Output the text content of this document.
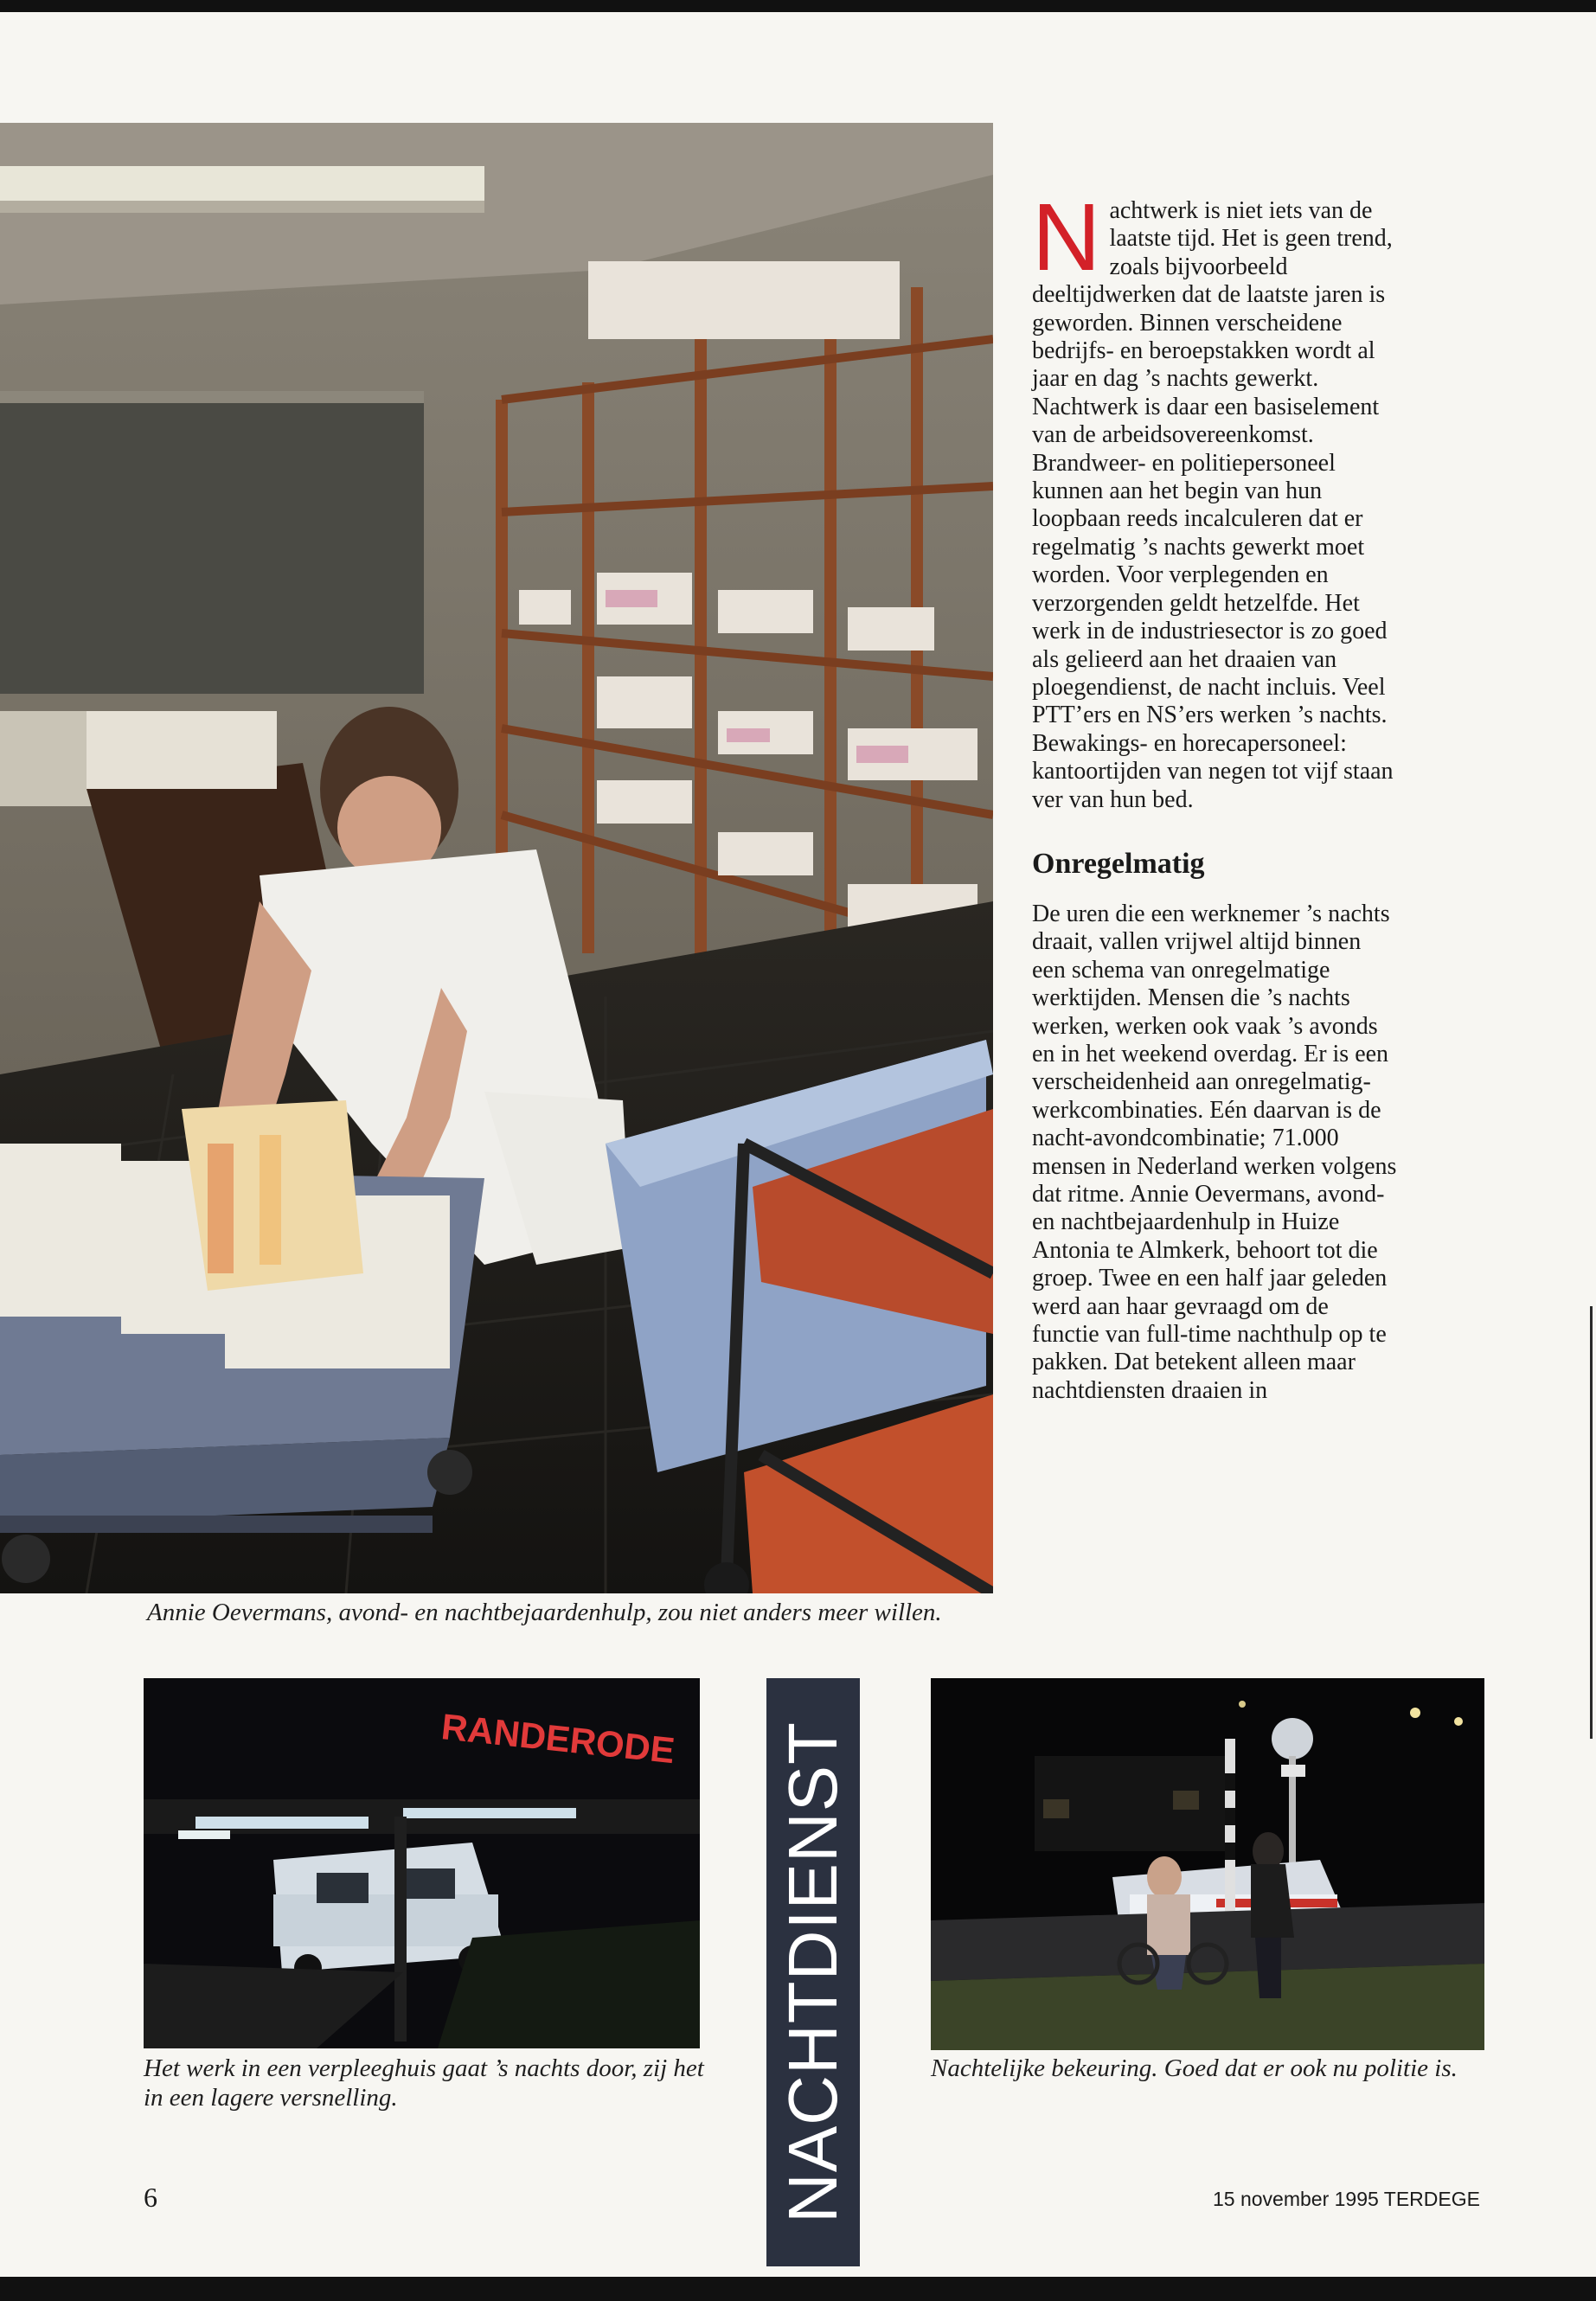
Annie Oevermans, avond- en nachtbejaardenhulp, zou niet anders meer willen.

Nachtwerk is niet iets van de laatste tijd. Het is geen trend, zoals bijvoorbeeld deeltijdwerken dat de laatste jaren is geworden. Binnen verscheidene bedrijfs- en beroepstakken wordt al jaar en dag ’s nachts gewerkt. Nachtwerk is daar een basiselement van de arbeidsovereenkomst. Brandweer- en politiepersoneel kunnen aan het begin van hun loopbaan reeds incalculeren dat er regelmatig ’s nachts gewerkt moet worden. Voor verplegenden en verzorgenden geldt hetzelfde. Het werk in de industriesector is zo goed als gelieerd aan het draaien van ploegendienst, de nacht incluis. Veel PTT’ers en NS’ers werken ’s nachts. Bewakings- en horecapersoneel: kantoortijden van negen tot vijf staan ver van hun bed.

Onregelmatig

De uren die een werknemer ’s nachts draait, vallen vrijwel altijd binnen een schema van onregelmatige werktijden. Mensen die ’s nachts werken, werken ook vaak ’s avonds en in het weekend overdag. Er is een verscheidenheid aan onregelmatig-werkcombinaties. Eén daarvan is de nacht-avondcombinatie; 71.000 mensen in Nederland werken volgens dat ritme. Annie Oevermans, avond- en nachtbejaardenhulp in Huize Antonia te Almkerk, behoort tot die groep. Twee en een half jaar geleden werd aan haar gevraagd om de functie van full-time nachthulp op te pakken. Dat betekent alleen maar nachtdiensten draaien in

RANDERODE
Het werk in een verpleeghuis gaat ’s nachts door, zij het in een lagere versnelling.	NACHTDIENST	Nachtelijke bekeuring. Goed dat er ook nu politie is.
6	15 november 1995 TERDEGE
